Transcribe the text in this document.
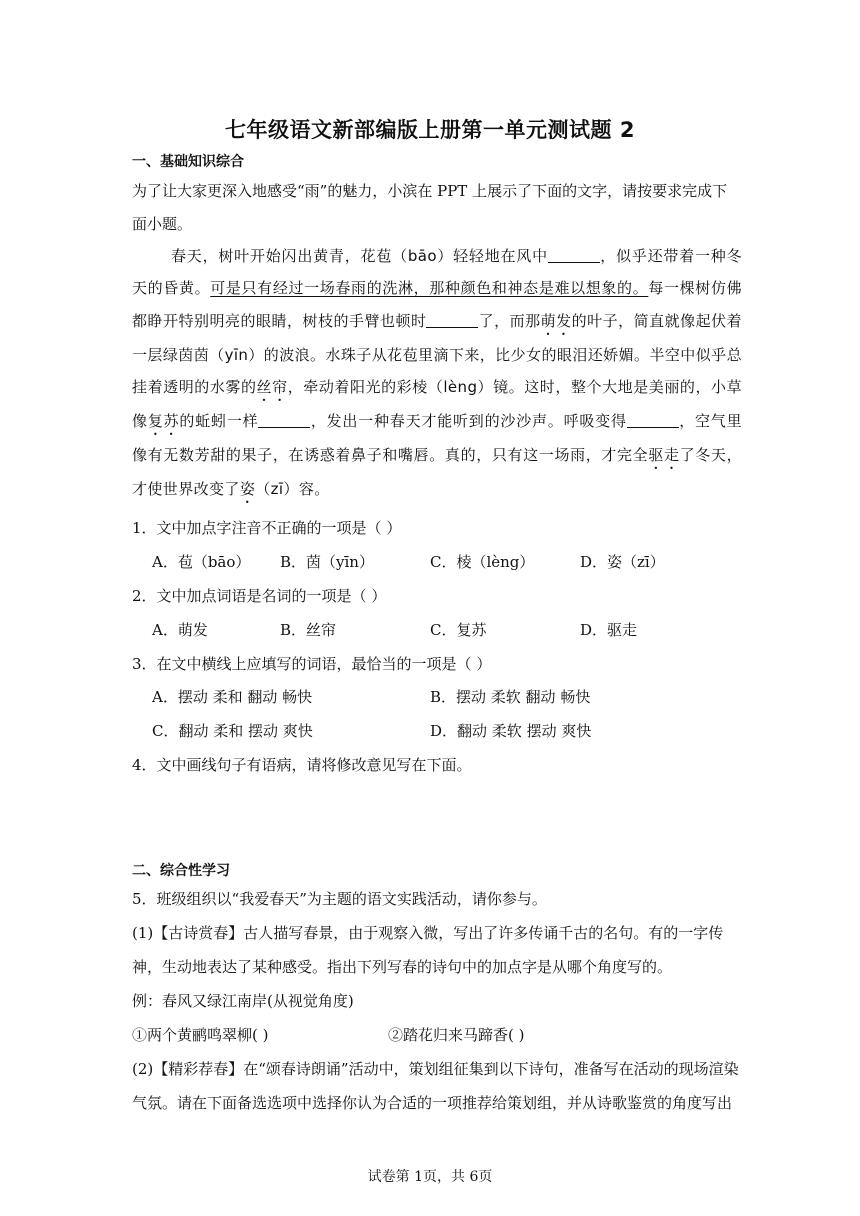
七年级语文新部编版上册第一单元测试题 2
一、基础知识综合
为了让大家更深入地感受“雨”的魅力，小滨在 PPT 上展示了下面的文字，请按要求完成下
面小题。

春天，树叶开始闪出黄青，花苞（bāo）轻轻地在风中	，似乎还带着一种冬天的昏黄。可是只有经过一场春雨的洗淋，那种颜色和神态是难以想象的。每一棵树仿佛都睁开特别明亮的眼睛，树枝的手臂也顿时	了，而那萌发的叶子，简直就像起伏着一层绿茵茵（yīn）的波浪。水珠子从花苞里滴下来，比少女的眼泪还娇媚。半空中似乎总挂着透明的水雾的丝帘，牵动着阳光的彩棱（lèng）镜。这时，整个大地是美丽的，小草像复苏的蚯蚓一样	，发出一种春天才能听到的沙沙声。呼吸变得	，空气里像有无数芳甜的果子，在诱惑着鼻子和嘴唇。真的，只有这一场雨，才完全驱走了冬天，才使世界改变了姿（zī）容。

1．文中加点字注音不正确的一项是（ ）
A．苞（bāo） B．茵（yīn）	C．棱（lèng）	D．姿（zī）
2．文中加点词语是名词的一项是（ ）
A．萌发	B．丝帘	C．复苏	D．驱走
3．在文中横线上应填写的词语，最恰当的一项是（ ）
A．摆动 柔和 翻动 畅快	B．摆动 柔软 翻动 畅快
C．翻动 柔和 摆动 爽快	D．翻动 柔软 摆动 爽快
4．文中画线句子有语病，请将修改意见写在下面。
二、综合性学习
5．班级组织以“我爱春天”为主题的语文实践活动，请你参与。
(1)【古诗赏春】古人描写春景，由于观察入微，写出了许多传诵千古的名句。有的一字传
神，生动地表达了某种感受。指出下列写春的诗句中的加点字是从哪个角度写的。
例：春风又绿江南岸(从视觉角度)
①两个黄鹂鸣翠柳( )	②踏花归来马蹄香( )
(2)【精彩荐春】在“颂春诗朗诵”活动中，策划组征集到以下诗句，准备写在活动的现场渲染
气氛。请在下面备选选项中选择你认为合适的一项推荐给策划组，并从诗歌鉴赏的角度写出
试卷第 1页，共 6页
